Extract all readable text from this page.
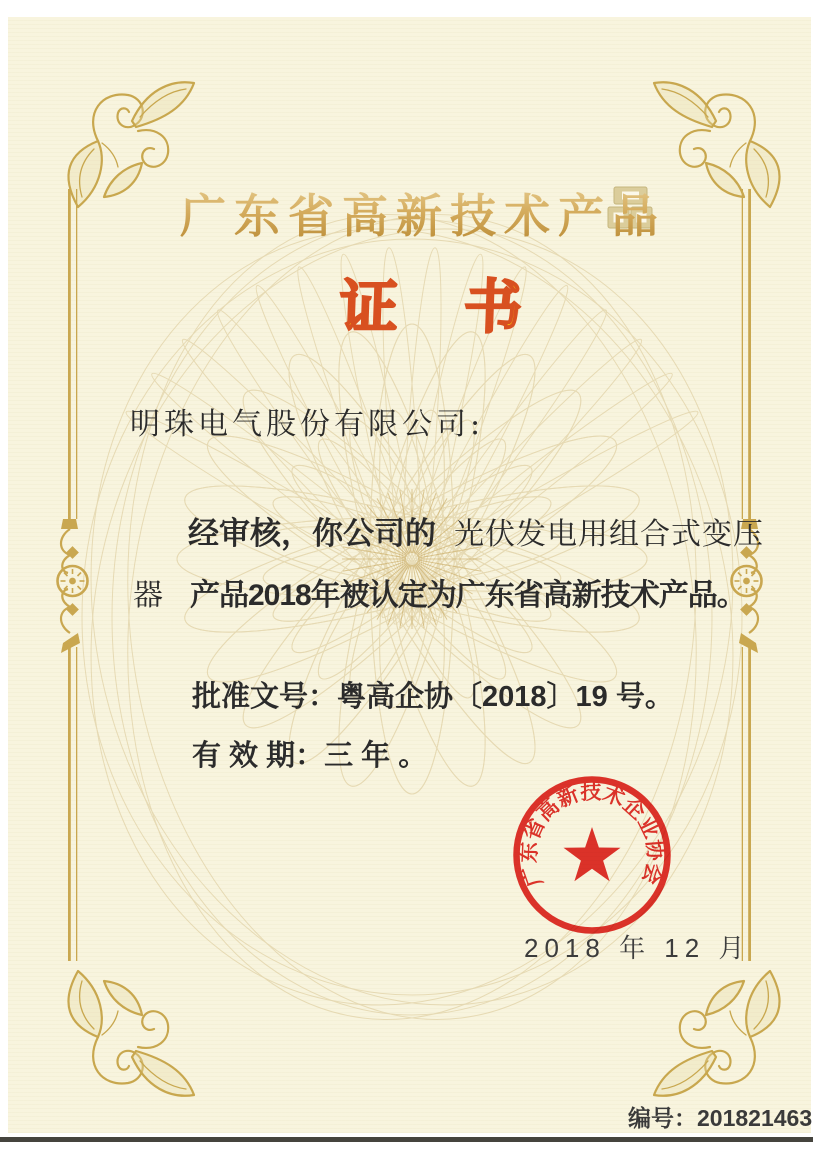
广东省高新技术产品
证　书
明珠电气股份有限公司:
经审核，你公司的 光伏发电用组合式变压
器 产品2018年被认定为广东省高新技术产品。
批准文号：粤高企协〔2018〕19 号。
有 效 期：三 年 。
广东省高新技术企业协会
2018 年 12 月
编号：201821463
